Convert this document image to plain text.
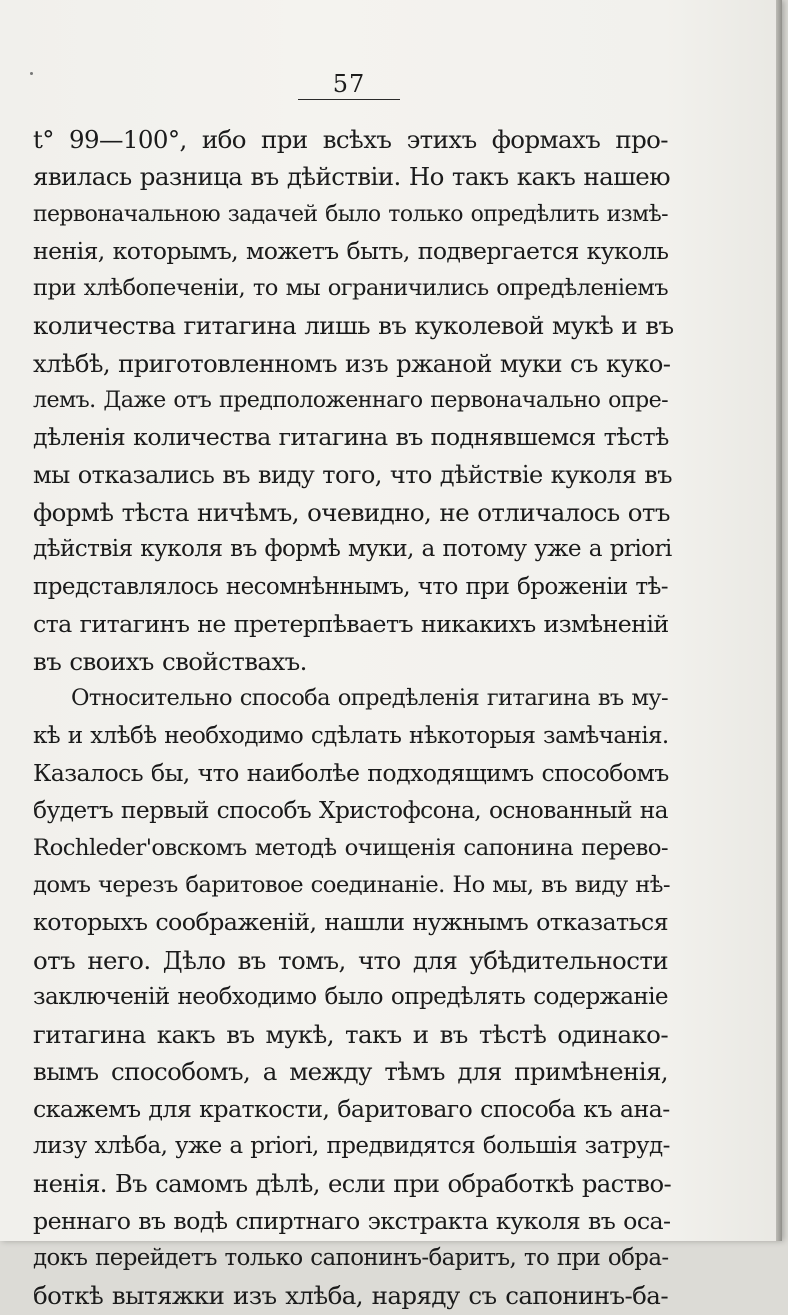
57
t° 99—100°, ибо при всѣхъ этихъ формахъ про-
явилась разница въ дѣйствіи. Но такъ какъ нашею
первоначальною задачей было только опредѣлить измѣ-
ненія, которымъ, можетъ быть, подвергается куколь
при хлѣбопеченіи, то мы ограничились опредѣленіемъ
количества гитагина лишь въ куколевой мукѣ и въ
хлѣбѣ, приготовленномъ изъ ржаной муки съ куко-
лемъ. Даже отъ предположеннаго первоначально опре-
дѣленія количества гитагина въ поднявшемся тѣстѣ
мы отказались въ виду того, что дѣйствіе куколя въ
формѣ тѣста ничѣмъ, очевидно, не отличалось отъ
дѣйствія куколя въ формѣ муки, а потому уже a priori
представлялось несомнѣннымъ, что при броженіи тѣ-
ста гитагинъ не претерпѣваетъ никакихъ измѣненій
въ своихъ свойствахъ.
Относительно способа опредѣленія гитагина въ му-
кѣ и хлѣбѣ необходимо сдѣлать нѣкоторыя замѣчанія.
Казалось бы, что наиболѣе подходящимъ способомъ
будетъ первый способъ Христофсона, основанный на
Rochleder'овскомъ методѣ очищенія сапонина перево-
домъ черезъ баритовое соединаніе. Но мы, въ виду нѣ-
которыхъ соображеній, нашли нужнымъ отказаться
отъ него. Дѣло въ томъ, что для убѣдительности
заключеній необходимо было опредѣлять содержаніе
гитагина какъ въ мукѣ, такъ и въ тѣстѣ одинако-
вымъ способомъ, а между тѣмъ для примѣненія,
скажемъ для краткости, баритоваго способа къ ана-
лизу хлѣба, уже a priori, предвидятся большія затруд-
ненія. Въ самомъ дѣлѣ, если при обработкѣ раство-
реннаго въ водѣ спиртнаго экстракта куколя въ оса-
докъ перейдетъ только сапонинъ-баритъ, то при обра-
боткѣ вытяжки изъ хлѣба, наряду съ сапонинъ-ба-
